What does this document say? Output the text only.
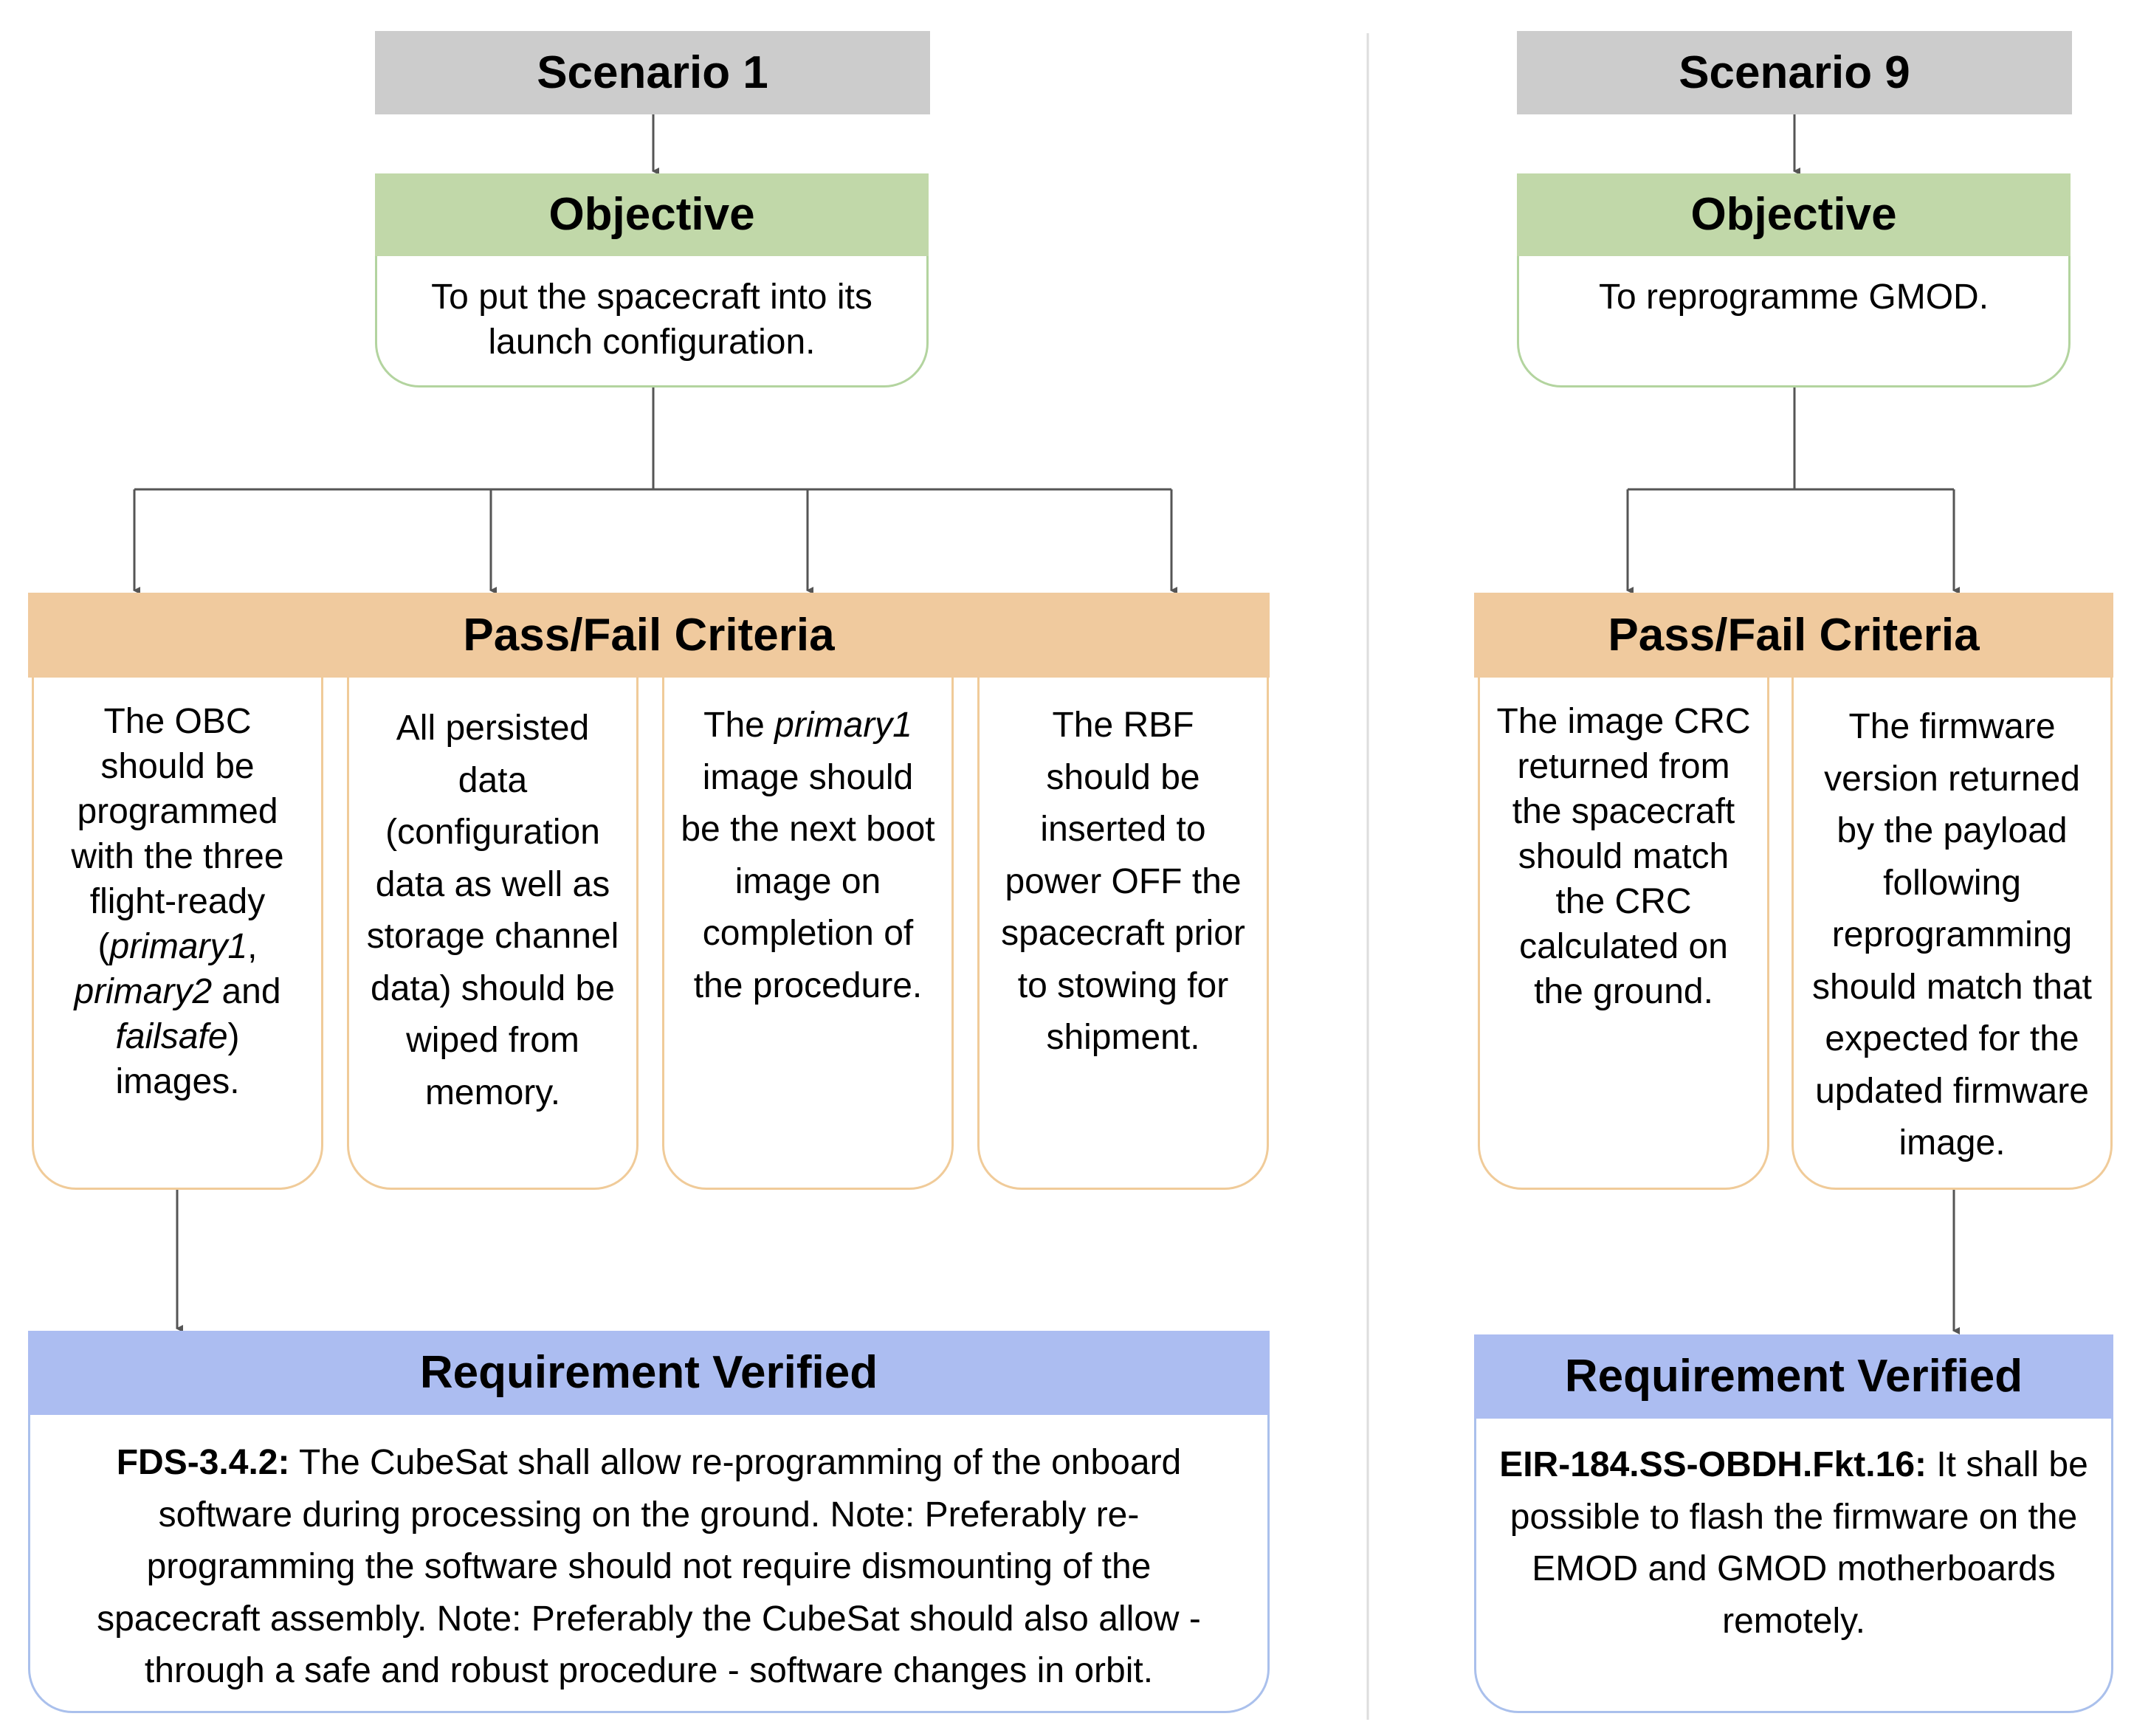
Scenario 1
Objective
To put the spacecraft into its launch configuration.
Pass/Fail Criteria
The OBC should be programmed with the three flight-ready (primary1, primary2 and failsafe) images.
All persisted data (configuration data as well as storage channel data) should be wiped from memory.
The primary1 image should be the next boot image on completion of the procedure.
The RBF should be inserted to power OFF the spacecraft prior to stowing for shipment.
Requirement Verified
FDS-3.4.2: The CubeSat shall allow re-programming of the onboard software during processing on the ground. Note: Preferably re-programming the software should not require dismounting of the spacecraft assembly. Note: Preferably the CubeSat should also allow - through a safe and robust procedure - software changes in orbit.
Scenario 9
Objective
To reprogramme GMOD.
Pass/Fail Criteria
The image CRC returned from the spacecraft should match the CRC calculated on the ground.
The firmware version returned by the payload following reprogramming should match that expected for the updated firmware image.
Requirement Verified
EIR-184.SS-OBDH.Fkt.16: It shall be possible to flash the firmware on the EMOD and GMOD motherboards remotely.
